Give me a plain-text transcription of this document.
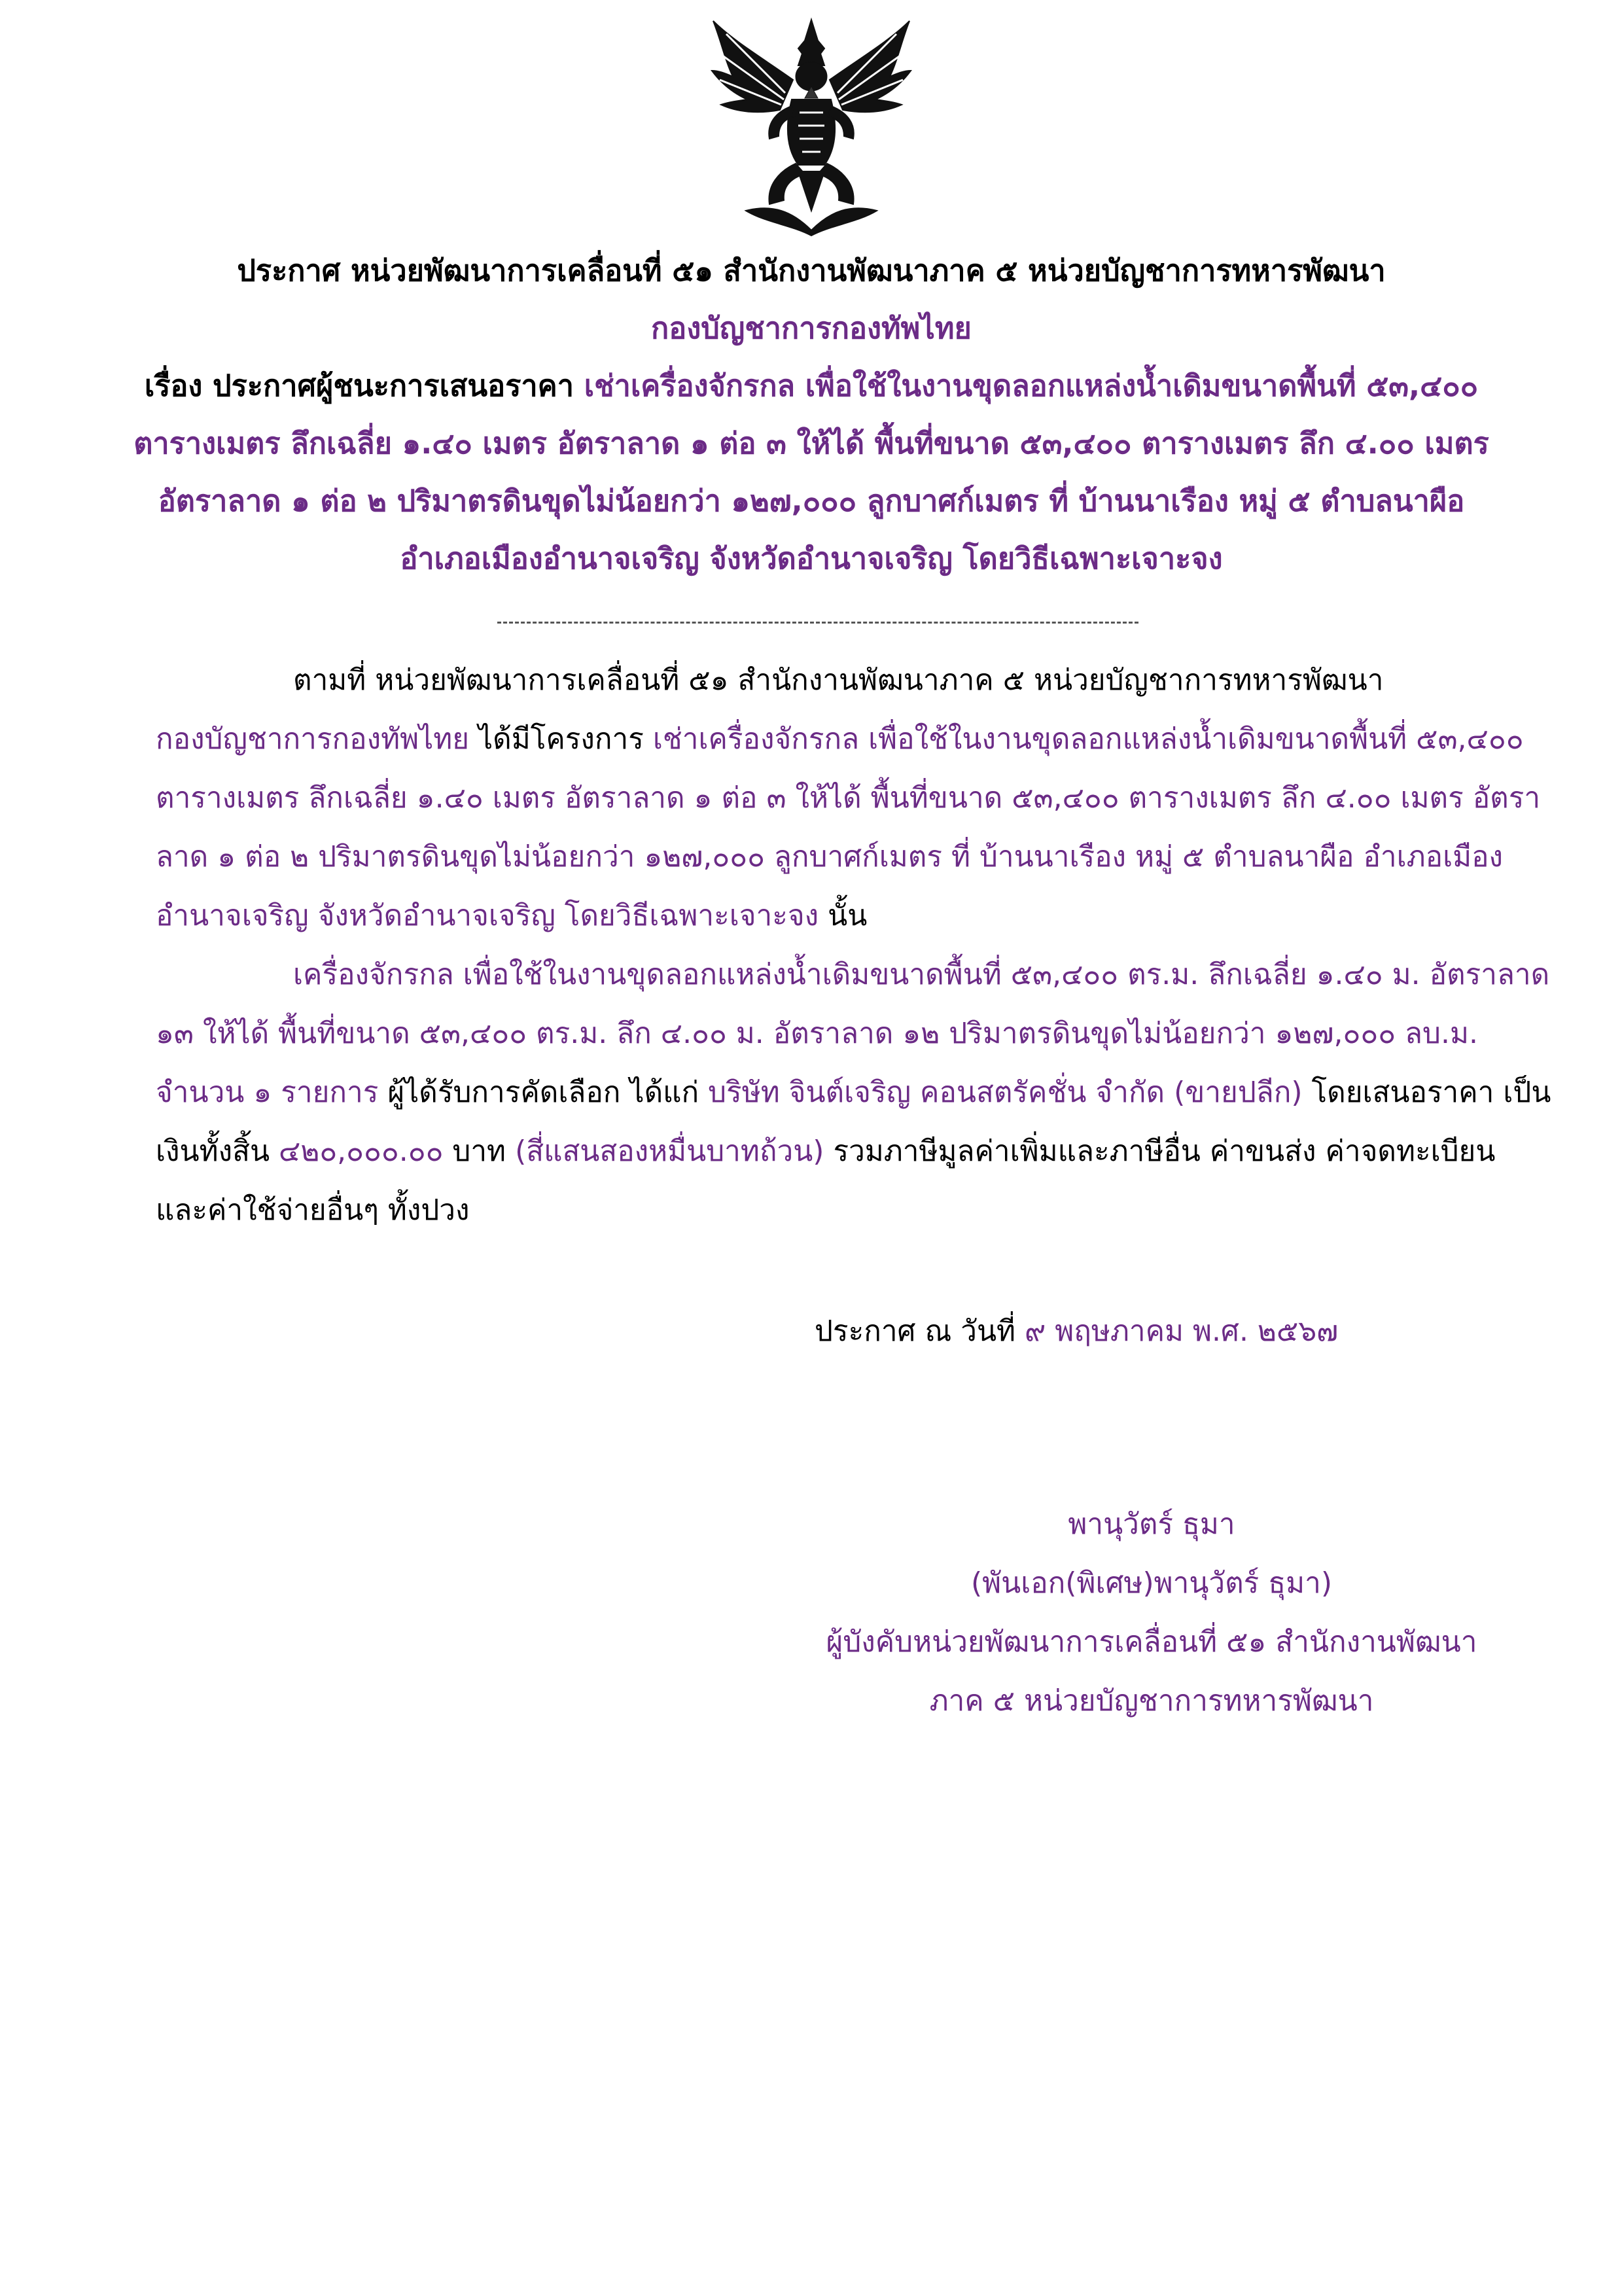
ประกาศ หน่วยพัฒนาการเคลื่อนที่ ๕๑ สำนักงานพัฒนาภาค ๕ หน่วยบัญชาการทหารพัฒนา
กองบัญชาการกองทัพไทย
เรื่อง ประกาศผู้ชนะการเสนอราคา เช่าเครื่องจักรกล เพื่อใช้ในงานขุดลอกแหล่งน้ำเดิมขนาดพื้นที่ ๕๓,๔๐๐
ตารางเมตร ลึกเฉลี่ย ๑.๔๐ เมตร อัตราลาด ๑ ต่อ ๓ ให้ได้ พื้นที่ขนาด ๕๓,๔๐๐ ตารางเมตร ลึก ๔.๐๐ เมตร
อัตราลาด ๑ ต่อ ๒ ปริมาตรดินขุดไม่น้อยกว่า ๑๒๗,๐๐๐ ลูกบาศก์เมตร ที่ บ้านนาเรือง หมู่ ๕ ตำบลนาผือ
อำเภอเมืองอำนาจเจริญ จังหวัดอำนาจเจริญ โดยวิธีเฉพาะเจาะจง
ตามที่ หน่วยพัฒนาการเคลื่อนที่ ๕๑ สำนักงานพัฒนาภาค ๕ หน่วยบัญชาการทหารพัฒนา
กองบัญชาการกองทัพไทย ได้มีโครงการ เช่าเครื่องจักรกล เพื่อใช้ในงานขุดลอกแหล่งน้ำเดิมขนาดพื้นที่ ๕๓,๔๐๐
ตารางเมตร ลึกเฉลี่ย ๑.๔๐ เมตร อัตราลาด ๑ ต่อ ๓ ให้ได้ พื้นที่ขนาด ๕๓,๔๐๐ ตารางเมตร ลึก ๔.๐๐ เมตร อัตรา
ลาด ๑ ต่อ ๒ ปริมาตรดินขุดไม่น้อยกว่า ๑๒๗,๐๐๐ ลูกบาศก์เมตร ที่ บ้านนาเรือง หมู่ ๕ ตำบลนาผือ อำเภอเมือง
อำนาจเจริญ จังหวัดอำนาจเจริญ โดยวิธีเฉพาะเจาะจง นั้น
เครื่องจักรกล เพื่อใช้ในงานขุดลอกแหล่งน้ำเดิมขนาดพื้นที่ ๕๓,๔๐๐ ตร.ม. ลึกเฉลี่ย ๑.๔๐ ม. อัตราลาด
๑๓ ให้ได้ พื้นที่ขนาด ๕๓,๔๐๐ ตร.ม. ลึก ๔.๐๐ ม. อัตราลาด ๑๒ ปริมาตรดินขุดไม่น้อยกว่า ๑๒๗,๐๐๐ ลบ.ม.
จำนวน ๑ รายการ ผู้ได้รับการคัดเลือก ได้แก่ บริษัท จินต์เจริญ คอนสตรัคชั่น จำกัด (ขายปลีก) โดยเสนอราคา เป็น
เงินทั้งสิ้น ๔๒๐,๐๐๐.๐๐ บาท (สี่แสนสองหมื่นบาทถ้วน) รวมภาษีมูลค่าเพิ่มและภาษีอื่น ค่าขนส่ง ค่าจดทะเบียน
และค่าใช้จ่ายอื่นๆ ทั้งปวง
ประกาศ ณ วันที่ ๙ พฤษภาคม พ.ศ. ๒๕๖๗
พานุวัตร์ ธุมา
(พันเอก(พิเศษ)พานุวัตร์ ธุมา)
ผู้บังคับหน่วยพัฒนาการเคลื่อนที่ ๕๑ สำนักงานพัฒนา
ภาค ๕ หน่วยบัญชาการทหารพัฒนา
